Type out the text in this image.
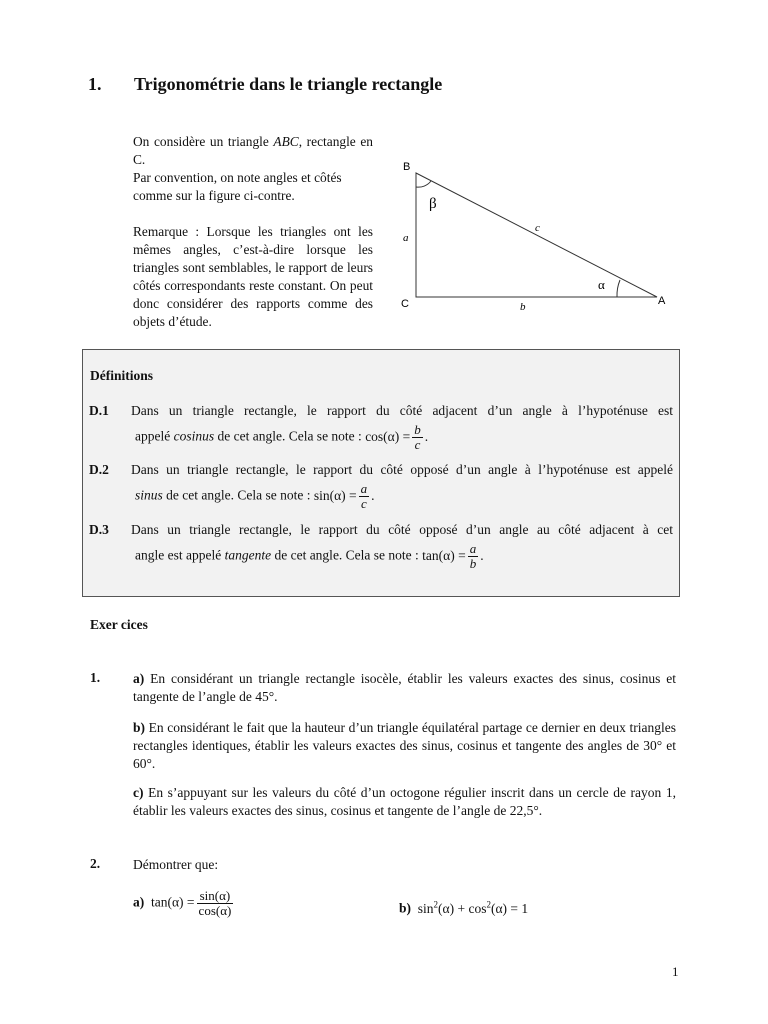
1. Trigonométrie dans le triangle rectangle

On considère un triangle ABC, rectangle en C.

Par convention, on note angles et côtés comme sur la figure ci-contre.

Remarque : Lorsque les triangles ont les mêmes angles, c’est-à-dire lorsque les triangles sont semblables, le rapport de leurs côtés correspondants reste constant. On peut donc considérer des rapports comme des objets d’étude.

B
C	A
a
b
c
α
β
Définitions
D.1 Dans un triangle rectangle, le rapport du côté adjacent d’un angle à l’hypoténuse est
appelé cosinus de cet angle. Cela se note : $\cos(\alpha) = \frac{b}{c}$ .
D.2 Dans un triangle rectangle, le rapport du côté opposé d’un angle à l’hypoténuse est appelé
sinus de cet angle. Cela se note : $\sin(\alpha) = \frac{a}{c}$ .
D.3 Dans un triangle rectangle, le rapport du côté opposé d’un angle au côté adjacent à cet
angle est appelé tangente de cet angle. Cela se note : $\tan(\alpha) = \frac{a}{b}$ .
Exer cices
1. a) En considérant un triangle rectangle isocèle, établir les valeurs exactes des sinus, cosinus et tangente de l’angle de 45°.
b) En considérant le fait que la hauteur d’un triangle équilatéral partage ce dernier en deux triangles rectangles identiques, établir les valeurs exactes des sinus, cosinus et tangente des angles de 30° et 60°.
c) En s’appuyant sur les valeurs du côté d’un octogone régulier inscrit dans un cercle de rayon 1, établir les valeurs exactes des sinus, cosinus et tangente de l’angle de 22,5°.
2. Démontrer que:
a) $\tan(\alpha) = \frac{\sin(\alpha)}{\cos(\alpha)}$	b) $\sin^2(\alpha) + \cos^2(\alpha) = 1$
1
